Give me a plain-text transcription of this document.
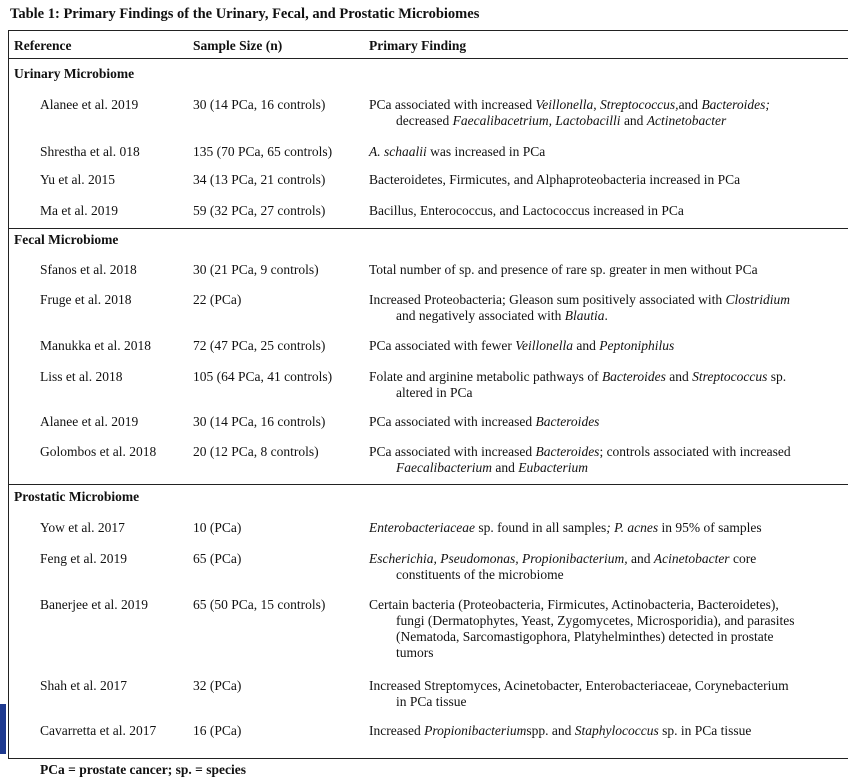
Table 1: Primary Findings of the Urinary, Fecal, and Prostatic Microbiomes
Reference	Sample Size (n)	Primary Finding
Urinary Microbiome
Alanee et al. 2019	30 (14 PCa, 16 controls)	PCa associated with increased Veillonella, Streptococcus,and Bacteroides;
decreased Faecalibacetrium, Lactobacilli and Actinetobacter
Shrestha et al. 018	135 (70 PCa, 65 controls)	A. schaalii was increased in PCa
Yu et al. 2015	34 (13 PCa, 21 controls)	Bacteroidetes, Firmicutes, and Alphaproteobacteria increased in PCa
Ma et al. 2019	59 (32 PCa, 27 controls)	Bacillus, Enterococcus, and Lactococcus increased in PCa
Fecal Microbiome
Sfanos et al. 2018	30 (21 PCa, 9 controls)	Total number of sp. and presence of rare sp. greater in men without PCa
Fruge et al. 2018	22 (PCa)	Increased Proteobacteria; Gleason sum positively associated with Clostridium
and negatively associated with Blautia.
Manukka et al. 2018	72 (47 PCa, 25 controls)	PCa associated with fewer Veillonella and Peptoniphilus
Liss et al. 2018	105 (64 PCa, 41 controls)	Folate and arginine metabolic pathways of Bacteroides and Streptococcus sp.
altered in PCa
Alanee et al. 2019	30 (14 PCa, 16 controls)	PCa associated with increased Bacteroides
Golombos et al. 2018	20 (12 PCa, 8 controls)	PCa associated with increased Bacteroides; controls associated with increased
Faecalibacterium and Eubacterium
Prostatic Microbiome
Yow et al. 2017	10 (PCa)	Enterobacteriaceae sp. found in all samples; P. acnes in 95% of samples
Feng et al. 2019	65 (PCa)	Escherichia, Pseudomonas, Propionibacterium, and Acinetobacter core
constituents of the microbiome
Banerjee et al. 2019	65 (50 PCa, 15 controls)	Certain bacteria (Proteobacteria, Firmicutes, Actinobacteria, Bacteroidetes),
fungi (Dermatophytes, Yeast, Zygomycetes, Microsporidia), and parasites
(Nematoda, Sarcomastigophora, Platyhelminthes) detected in prostate
tumors
Shah et al. 2017	32 (PCa)	Increased Streptomyces, Acinetobacter, Enterobacteriaceae, Corynebacterium
in PCa tissue
Cavarretta et al. 2017	16 (PCa)	Increased Propionibacteriumspp. and Staphylococcus sp. in PCa tissue
PCa = prostate cancer; sp. = species
